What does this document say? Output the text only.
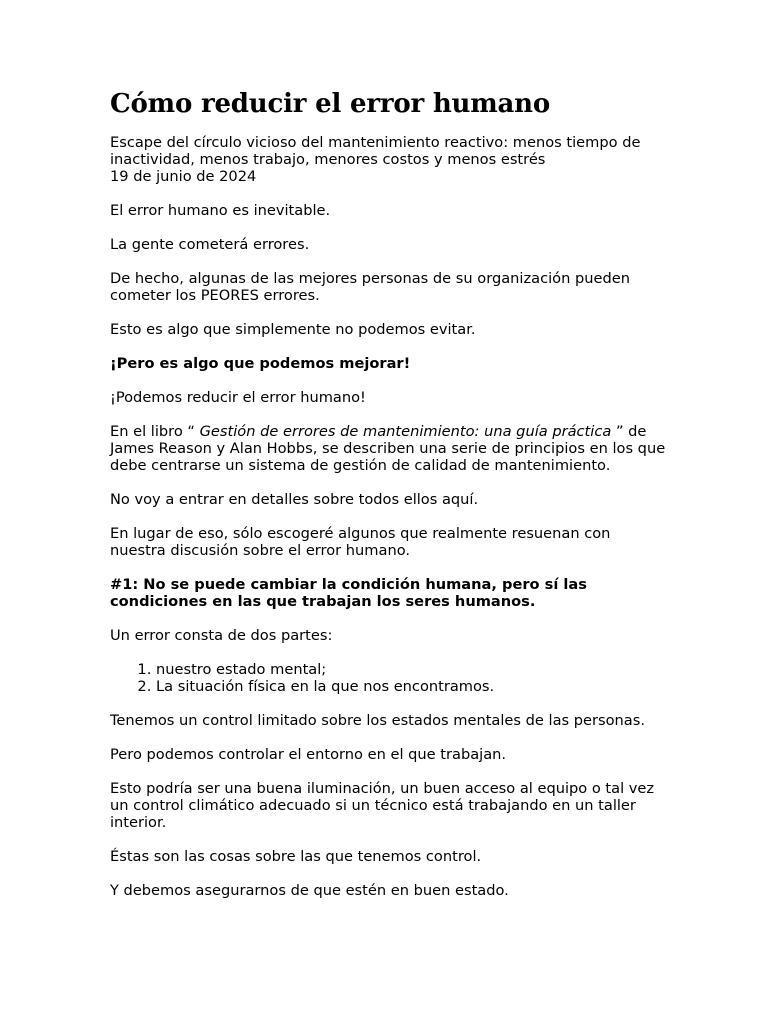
Cómo reducir el error humano

Escape del círculo vicioso del mantenimiento reactivo: menos tiempo de inactividad, menos trabajo, menores costos y menos estrés

19 de junio de 2024

El error humano es inevitable.

La gente cometerá errores.

De hecho, algunas de las mejores personas de su organización pueden cometer los PEORES errores.

Esto es algo que simplemente no podemos evitar.

¡Pero es algo que podemos mejorar!

¡Podemos reducir el error humano!

En el libro “ Gestión de errores de mantenimiento: una guía práctica ” de James Reason y Alan Hobbs, se describen una serie de principios en los que debe centrarse un sistema de gestión de calidad de mantenimiento.

No voy a entrar en detalles sobre todos ellos aquí.

En lugar de eso, sólo escogeré algunos que realmente resuenan con nuestra discusión sobre el error humano.

#1: No se puede cambiar la condición humana, pero sí las condiciones en las que trabajan los seres humanos.

Un error consta de dos partes:

1. nuestro estado mental;
2. La situación física en la que nos encontramos.

Tenemos un control limitado sobre los estados mentales de las personas.

Pero podemos controlar el entorno en el que trabajan.

Esto podría ser una buena iluminación, un buen acceso al equipo o tal vez un control climático adecuado si un técnico está trabajando en un taller interior.

Éstas son las cosas sobre las que tenemos control.

Y debemos asegurarnos de que estén en buen estado.
